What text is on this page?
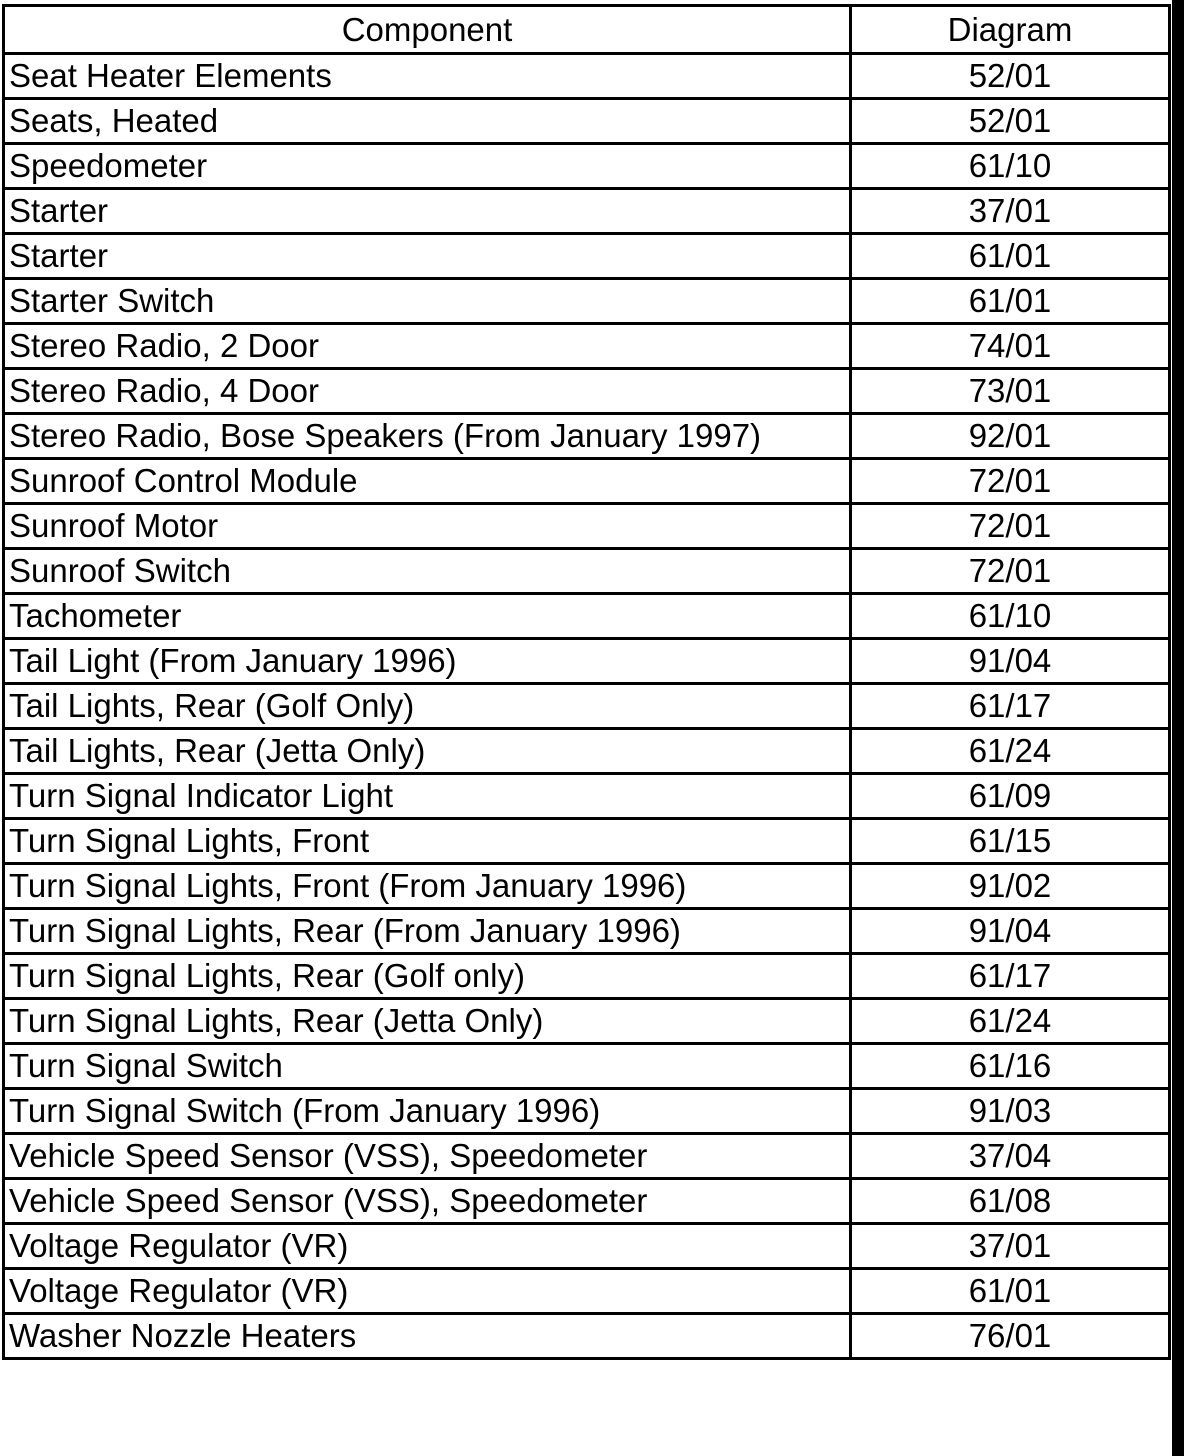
Component	Diagram
Seat Heater Elements	52/01
Seats, Heated	52/01
Speedometer	61/10
Starter	37/01
Starter	61/01
Starter Switch	61/01
Stereo Radio, 2 Door	74/01
Stereo Radio, 4 Door	73/01
Stereo Radio, Bose Speakers (From January 1997)	92/01
Sunroof Control Module	72/01
Sunroof Motor	72/01
Sunroof Switch	72/01
Tachometer	61/10
Tail Light (From January 1996)	91/04
Tail Lights, Rear (Golf Only)	61/17
Tail Lights, Rear (Jetta Only)	61/24
Turn Signal Indicator Light	61/09
Turn Signal Lights, Front	61/15
Turn Signal Lights, Front (From January 1996)	91/02
Turn Signal Lights, Rear (From January 1996)	91/04
Turn Signal Lights, Rear (Golf only)	61/17
Turn Signal Lights, Rear (Jetta Only)	61/24
Turn Signal Switch	61/16
Turn Signal Switch (From January 1996)	91/03
Vehicle Speed Sensor (VSS), Speedometer	37/04
Vehicle Speed Sensor (VSS), Speedometer	61/08
Voltage Regulator (VR)	37/01
Voltage Regulator (VR)	61/01
Washer Nozzle Heaters	76/01
